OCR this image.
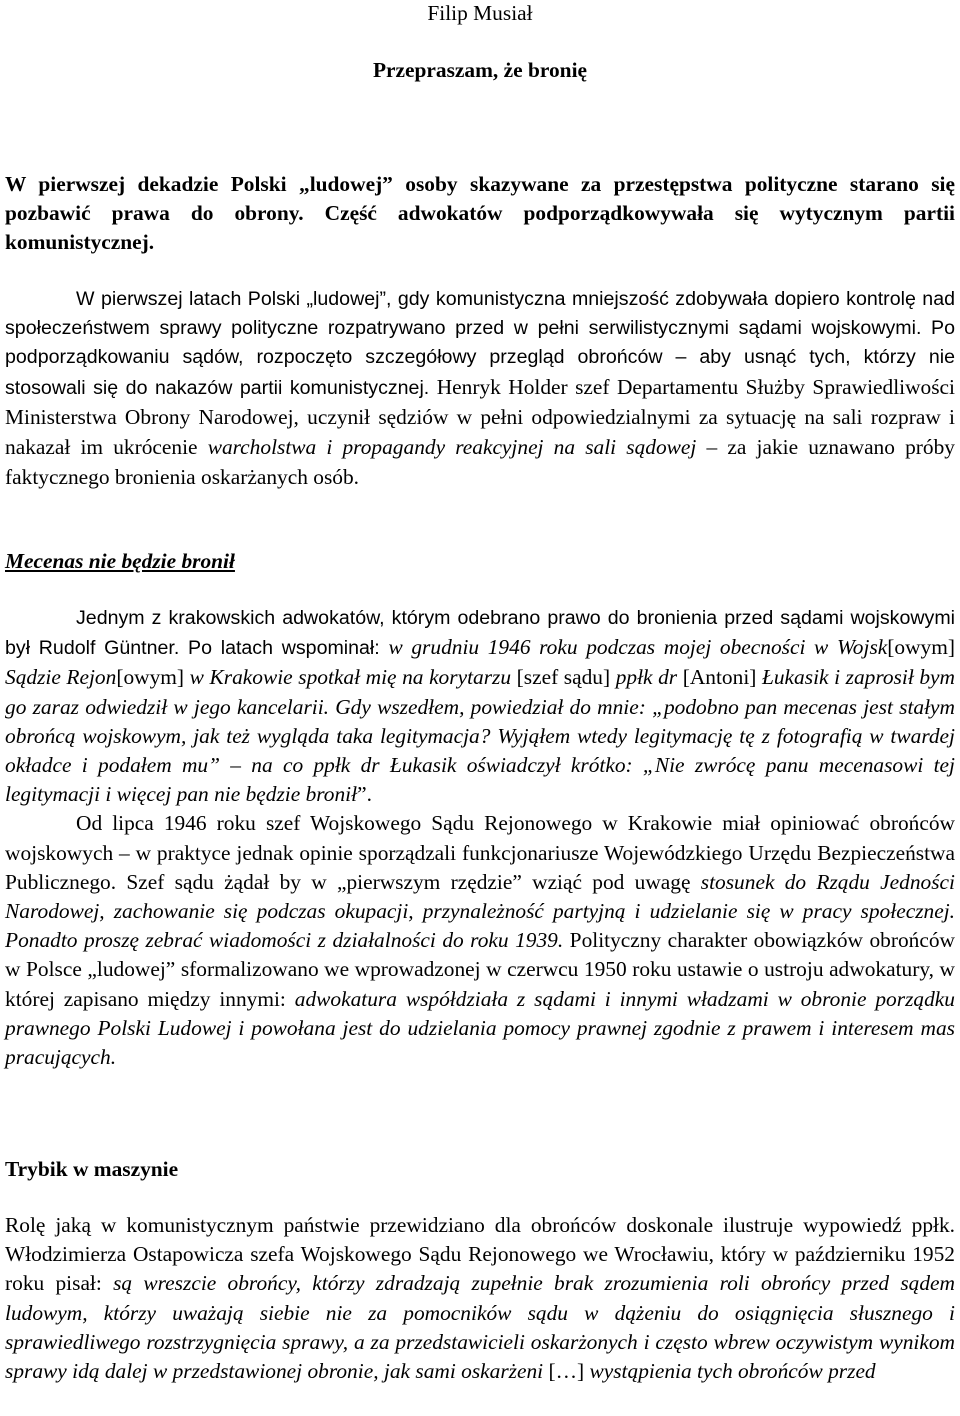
Filip Musiał
Przepraszam, że bronię

W pierwszej dekadzie Polski „ludowej” osoby skazywane za przestępstwa polityczne starano się pozbawić prawa do obrony. Część adwokatów podporządkowywała się wytycznym partii komunistycznej.

W pierwszej latach Polski „ludowej”, gdy komunistyczna mniejszość zdobywała dopiero kontrolę nad społeczeństwem sprawy polityczne rozpatrywano przed w pełni serwilistycznymi sądami wojskowymi. Po podporządkowaniu sądów, rozpoczęto szczegółowy przegląd obrońców – aby usnąć tych, którzy nie stosowali się do nakazów partii komunistycznej. Henryk Holder szef Departamentu Służby Sprawiedliwości Ministerstwa Obrony Narodowej, uczynił sędziów w pełni odpowiedzialnymi za sytuację na sali rozpraw i nakazał im ukrócenie warcholstwa i propagandy reakcyjnej na sali sądowej – za jakie uznawano próby faktycznego bronienia oskarżanych osób.

Mecenas nie będzie bronił

Jednym z krakowskich adwokatów, którym odebrano prawo do bronienia przed sądami wojskowymi był Rudolf Güntner. Po latach wspominał: w grudniu 1946 roku podczas mojej obecności w Wojsk[owym] Sądzie Rejon[owym] w Krakowie spotkał mię na korytarzu [szef sądu] ppłk dr [Antoni] Łukasik i zaprosił bym go zaraz odwiedził w jego kancelarii. Gdy wszedłem, powiedział do mnie: „podobno pan mecenas jest stałym obrońcą wojskowym, jak też wygląda taka legitymacja? Wyjąłem wtedy legitymację tę z fotografią w twardej okładce i podałem mu” – na co ppłk dr Łukasik oświadczył krótko: „Nie zwrócę panu mecenasowi tej legitymacji i więcej pan nie będzie bronił”.

Od lipca 1946 roku szef Wojskowego Sądu Rejonowego w Krakowie miał opiniować obrońców wojskowych – w praktyce jednak opinie sporządzali funkcjonariusze Wojewódzkiego Urzędu Bezpieczeństwa Publicznego. Szef sądu żądał by w „pierwszym rzędzie” wziąć pod uwagę stosunek do Rządu Jedności Narodowej, zachowanie się podczas okupacji, przynależność partyjną i udzielanie się w pracy społecznej. Ponadto proszę zebrać wiadomości z działalności do roku 1939. Polityczny charakter obowiązków obrońców w Polsce „ludowej” sformalizowano we wprowadzonej w czerwcu 1950 roku ustawie o ustroju adwokatury, w której zapisano między innymi: adwokatura współdziała z sądami i innymi władzami w obronie porządku prawnego Polski Ludowej i powołana jest do udzielania pomocy prawnej zgodnie z prawem i interesem mas pracujących.

Trybik w maszynie

Rolę jaką w komunistycznym państwie przewidziano dla obrońców doskonale ilustruje wypowiedź ppłk. Włodzimierza Ostapowicza szefa Wojskowego Sądu Rejonowego we Wrocławiu, który w październiku 1952 roku pisał: są wreszcie obrońcy, którzy zdradzają zupełnie brak zrozumienia roli obrońcy przed sądem ludowym, którzy uważają siebie nie za pomocników sądu w dążeniu do osiągnięcia słusznego i sprawiedliwego rozstrzygnięcia sprawy, a za przedstawicieli oskarżonych i często wbrew oczywistym wynikom sprawy idą dalej w przedstawionej obronie, jak sami oskarżeni […] wystąpienia tych obrońców przed
